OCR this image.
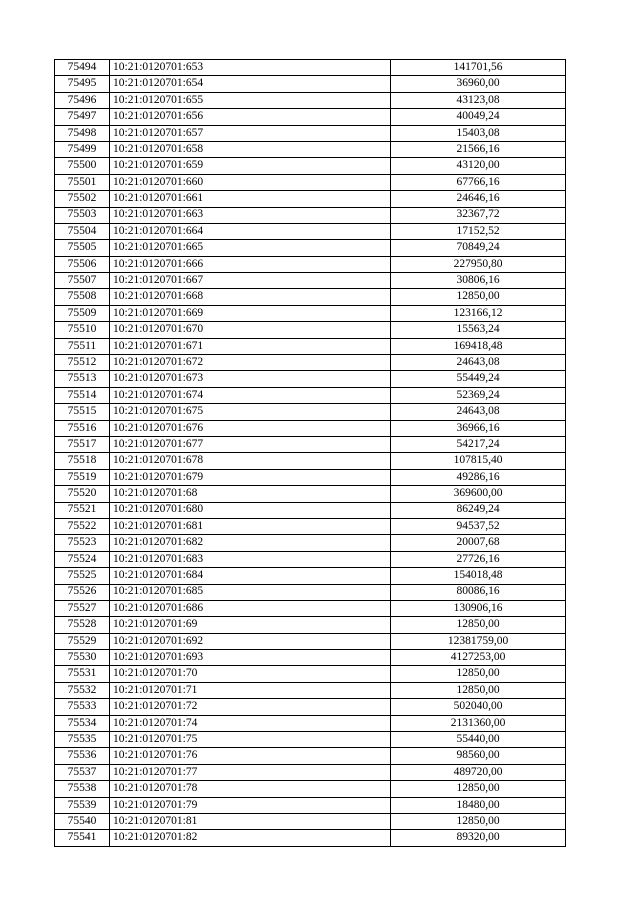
75494	10:21:0120701:653	141701,56
75495	10:21:0120701:654	36960,00
75496	10:21:0120701:655	43123,08
75497	10:21:0120701:656	40049,24
75498	10:21:0120701:657	15403,08
75499	10:21:0120701:658	21566,16
75500	10:21:0120701:659	43120,00
75501	10:21:0120701:660	67766,16
75502	10:21:0120701:661	24646,16
75503	10:21:0120701:663	32367,72
75504	10:21:0120701:664	17152,52
75505	10:21:0120701:665	70849,24
75506	10:21:0120701:666	227950,80
75507	10:21:0120701:667	30806,16
75508	10:21:0120701:668	12850,00
75509	10:21:0120701:669	123166,12
75510	10:21:0120701:670	15563,24
75511	10:21:0120701:671	169418,48
75512	10:21:0120701:672	24643,08
75513	10:21:0120701:673	55449,24
75514	10:21:0120701:674	52369,24
75515	10:21:0120701:675	24643,08
75516	10:21:0120701:676	36966,16
75517	10:21:0120701:677	54217,24
75518	10:21:0120701:678	107815,40
75519	10:21:0120701:679	49286,16
75520	10:21:0120701:68	369600,00
75521	10:21:0120701:680	86249,24
75522	10:21:0120701:681	94537,52
75523	10:21:0120701:682	20007,68
75524	10:21:0120701:683	27726,16
75525	10:21:0120701:684	154018,48
75526	10:21:0120701:685	80086,16
75527	10:21:0120701:686	130906,16
75528	10:21:0120701:69	12850,00
75529	10:21:0120701:692	12381759,00
75530	10:21:0120701:693	4127253,00
75531	10:21:0120701:70	12850,00
75532	10:21:0120701:71	12850,00
75533	10:21:0120701:72	502040,00
75534	10:21:0120701:74	2131360,00
75535	10:21:0120701:75	55440,00
75536	10:21:0120701:76	98560,00
75537	10:21:0120701:77	489720,00
75538	10:21:0120701:78	12850,00
75539	10:21:0120701:79	18480,00
75540	10:21:0120701:81	12850,00
75541	10:21:0120701:82	89320,00
